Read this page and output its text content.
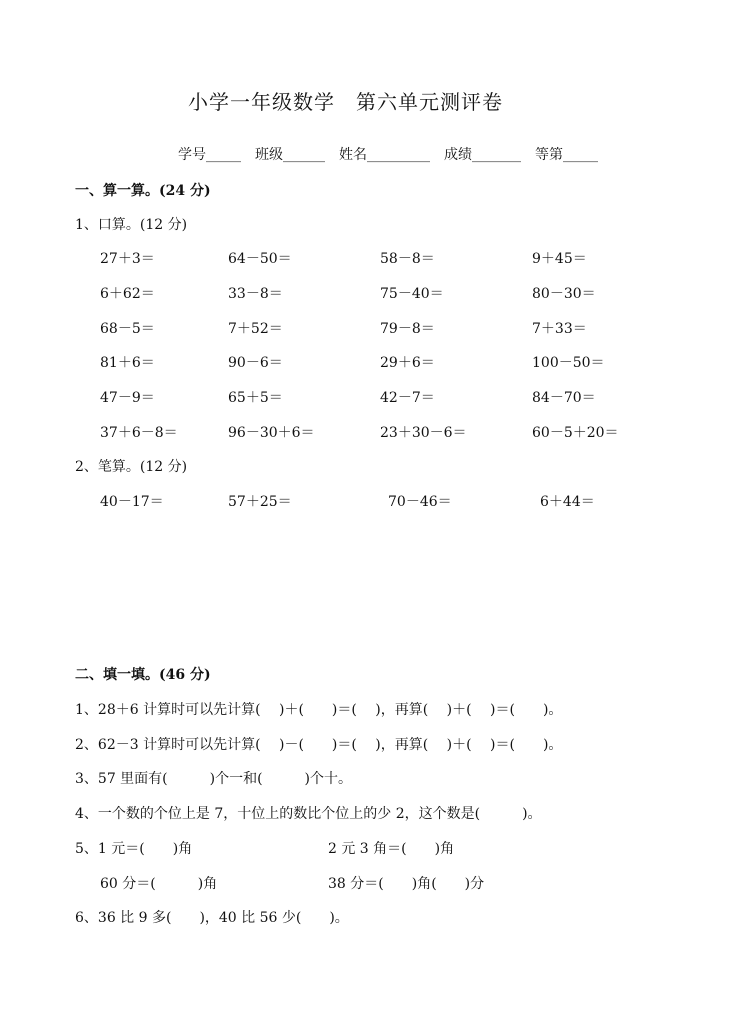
小学一年级数学　第六单元测评卷
学号_____　班级______　姓名_________　成绩_______　等第_____
一、算一算。(24 分)
1、口算。(12 分)
27＋3＝	64－50＝	58－8＝	9＋45＝
6＋62＝	33－8＝	75－40＝	80－30＝
68－5＝	7＋52＝	79－8＝	7＋33＝
81＋6＝	90－6＝	29＋6＝	100－50＝
47－9＝	65＋5＝	42－7＝	84－70＝
37＋6－8＝	96－30＋6＝	23＋30－6＝	60－5＋20＝
2、笔算。(12 分)
40－17＝	57＋25＝	70－46＝	6＋44＝
二、填一填。(46 分)
1、28＋6 计算时可以先计算(　 )＋(　　)＝(　 )，再算(　 )＋(　 )＝(　　)。
2、62－3 计算时可以先计算(　 )－(　　)＝(　 )，再算(　 )＋(　 )＝(　　)。
3、57 里面有(　　　)个一和(　　　)个十。
4、一个数的个位上是 7，十位上的数比个位上的少 2，这个数是(　　　)。
5、1 元＝(　　)角	2 元 3 角＝(　　)角
60 分＝(　　　)角	38 分＝(　　)角(　　)分
6、36 比 9 多(　　)，40 比 56 少(　　)。
